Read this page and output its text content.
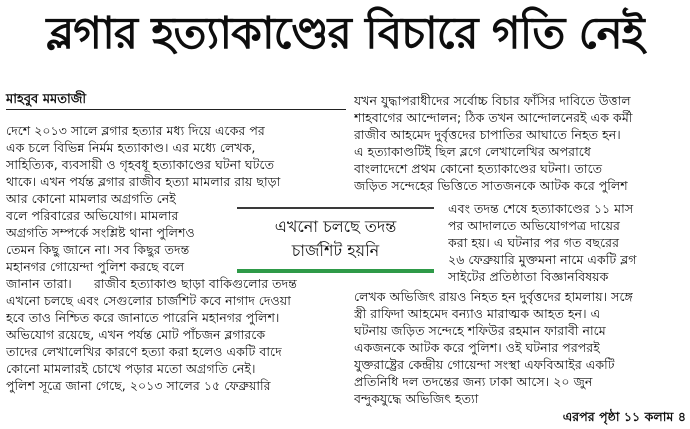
ব্লগার হত্যাকাণ্ডের বিচারে গতি নেই
মাহবুব মমতাজী
দেশে ২০১৩ সালে ব্লগার হত্যার মধ্য দিয়ে একের পর
এক চলে বিভিন্ন নির্মম হত্যাকাণ্ড। এর মধ্যে লেখক,
সাহিত্যিক, ব্যবসায়ী ও গৃহবধূ হত্যাকাণ্ডের ঘটনা ঘটতে
থাকে। এখন পর্যন্ত ব্লগার রাজীব হত্যা মামলার রায় ছাড়া
আর কোনো মামলার অগ্রগতি নেই
বলে পরিবারের অভিযোগ। মামলার
অগ্রগতি সম্পর্কে সংশ্লিষ্ট থানা পুলিশও
তেমন কিছু জানে না। সব কিছুর তদন্ত
মহানগর গোয়েন্দা পুলিশ করছে বলে
জানান তারা।	রাজীব হত্যাকাণ্ড ছাড়া বাকিগুলোর তদন্ত
এখনো চলছে এবং সেগুলোর চার্জশিট কবে নাগাদ দেওয়া
হবে তাও নিশ্চিত করে জানাতে পারেনি মহানগর পুলিশ।
অভিযোগ রয়েছে, এখন পর্যন্ত মোট পাঁচজন ব্লগারকে
তাদের লেখালেখির কারণে হত্যা করা হলেও একটি বাদে
কোনো মামলারই চোখে পড়ার মতো অগ্রগতি নেই।
পুলিশ সূত্রে জানা গেছে, ২০১৩ সালের ১৫ ফেব্রুয়ারি
যখন যুদ্ধাপরাধীদের সর্বোচ্চ বিচার ফাঁসির দাবিতে উত্তাল
শাহবাগের আন্দোলন; ঠিক তখন আন্দোলনেরই এক কর্মী
রাজীব আহমেদ দুর্বৃত্তদের চাপাতির আঘাতে নিহত হন।
এ হত্যাকাণ্ডটিই ছিল ব্লগে লেখালেখির অপরাধে
বাংলাদেশে প্রথম কোনো হত্যাকাণ্ডের ঘটনা। তাতে
জড়িত সন্দেহের ভিত্তিতে সাতজনকে আটক করে পুলিশ
এবং তদন্ত শেষে হত্যাকাণ্ডের ১১ মাস
পর আদালতে অভিযোগপত্র দায়ের
করা হয়। এ ঘটনার পর গত বছরের
২৬ ফেব্রুয়ারি মুক্তমনা নামে একটি ব্লগ
সাইটের প্রতিষ্ঠাতা বিজ্ঞানবিষয়ক
লেখক অভিজিৎ রায়ও নিহত হন দুর্বৃত্তদের হামলায়। সঙ্গে
স্ত্রী রাফিদা আহমেদ বন্যাও মারাত্মক আহত হন। এ
ঘটনায় জড়িত সন্দেহে শফিউর রহমান ফারাবী নামে
একজনকে আটক করে পুলিশ। ওই ঘটনার পরপরই
যুক্তরাষ্ট্রের কেন্দ্রীয় গোয়েন্দা সংস্থা এফবিআইর একটি
প্রতিনিধি দল তদন্তের জন্য ঢাকা আসে। ২০ জুন
বন্দুকযুদ্ধে অভিজিৎ হত্যা
এখনো চলছে তদন্ত
চার্জশিট হয়নি
এরপর পৃষ্ঠা ১১ কলাম ৪
